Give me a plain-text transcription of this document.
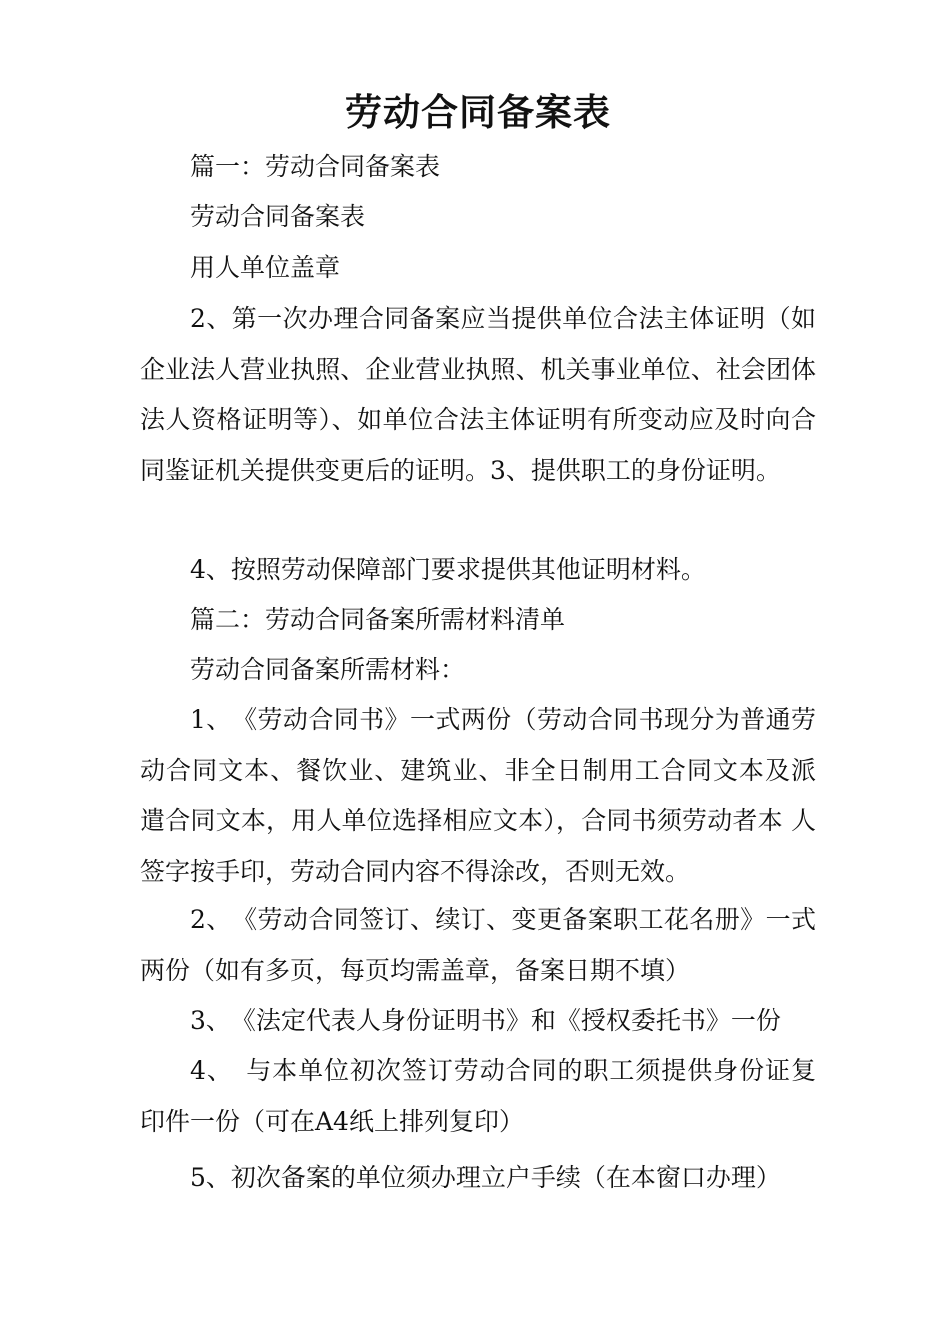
劳动合同备案表
篇一：劳动合同备案表
劳动合同备案表
用人单位盖章
2、第一次办理合同备案应当提供单位合法主体证明（如企业法人营业执照、企业营业执照、机关事业单位、社会团体法人资格证明等）、如单位合法主体证明有所变动应及时向合同鉴证机关提供变更后的证明。3、提供职工的身份证明。
4、按照劳动保障部门要求提供其他证明材料。
篇二：劳动合同备案所需材料清单
劳动合同备案所需材料：
1、　《劳动合同书》一式两份（劳动合同书现分为普通劳 动合同文本、餐饮业、建筑业、非全日制用工合同文本及派 遣合同文本，用人单位选择相应文本），合同书须劳动者本 人签字按手印，劳动合同内容不得涂改，否则无效。
2、　《劳动合同签订、续订、变更备案职工花名册》一式 两份（如有多页，每页均需盖章，备案日期不填）
3、　《法定代表人身份证明书》和《授权委托书》一份
4、　与本单位初次签订劳动合同的职工须提供身份证复印件一份（可在A4纸上排列复印）
5、初次备案的单位须办理立户手续（在本窗口办理）
